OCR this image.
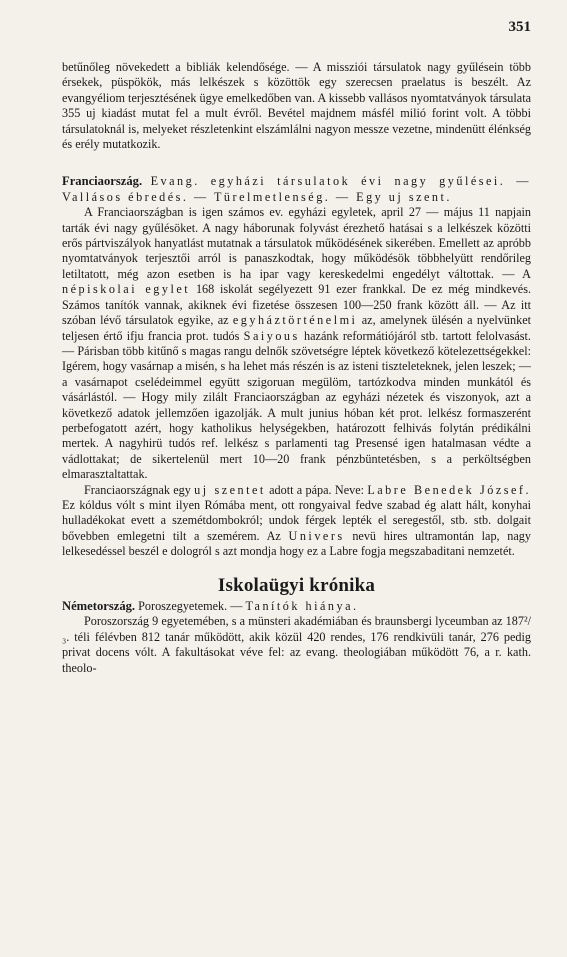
351

betűnőleg növekedett a bibliák kelendősége. — A missziói társulatok nagy gyűlésein több érsekek, püspökök, más lelkészek s közöttök egy szerecsen praelatus is beszélt. Az evangyéliom terjesztésének ügye emelkedőben van. A kissebb vallásos nyomtatványok társulata 355 uj kiadást mutat fel a mult évről. Bevétel majdnem másfél milió forint volt. A többi társulatoknál is, melyeket részletenkint elszámlálni nagyon messze vezetne, mindenütt élénkség és erély mutatkozik.

Franciaország. Evang. egyházi társulatok évi nagy gyűlései. — Vallásos ébredés. — Türelmetlenség. — Egy uj szent.

A Franciaországban is igen számos ev. egyházi egyletek, april 27 — május 11 napjain tarták évi nagy gyűlésöket. A nagy háborunak folyvást érezhető hatásai s a lelkészek közötti erős pártviszályok hanyatlást mutatnak a társulatok működésének sikerében. Emellett az apróbb nyomtatványok terjesztői arról is panaszkodtak, hogy működésök többhelyütt rendőrileg letiltatott, még azon esetben is ha ipar vagy kereskedelmi engedélyt váltottak. — A népiskolai egylet 168 iskolát segélyezett 91 ezer frankkal. De ez még mindkevés. Számos tanítók vannak, akiknek évi fizetése összesen 100—250 frank között áll. — Az itt szóban lévő társulatok egyike, az egyháztörténelmi az, amelynek ülésén a nyelvünket teljesen értő ifju francia prot. tudós Saiyous hazánk reformátiójáról stb. tartott felolvasást. — Párisban több kitűnő s magas rangu delnők szövetségre léptek következő kötelezettségekkel: Igérem, hogy vasárnap a misén, s ha lehet más részén is az isteni tiszteleteknek, jelen leszek; — a vasárnapot cselédeimmel együtt szigoruan megülöm, tartózkodva minden munkától és vásárlástól. — Hogy mily zilált Franciaországban az egyházi nézetek és viszonyok, azt a következő adatok jellemzően igazolják. A mult junius hóban két prot. lelkész formaszerént perbefogatott azért, hogy katholikus helységekben, határozott felhivás folytán prédikálni mertek. A nagyhirü tudós ref. lelkész s parlamenti tag Presensé igen hatalmasan védte a vádlottakat; de sikertelenül mert 10—20 frank pénzbüntetésben, s a perköltségben elmarasztaltattak.

Franciaországnak egy uj szentet adott a pápa. Neve: Labre Benedek József. Ez kóldus vólt s mint ilyen Rómába ment, ott rongyaival fedve szabad ég alatt hált, konyhai hulladékokat evett a szemétdombokról; undok férgek lepték el seregestől, stb. stb. dolgait bővebben emlegetni tilt a szemérem. Az Univers nevü hires ultramontán lap, nagy lelkesedéssel beszél e dologról s azt mondja hogy ez a Labre fogja megszabaditani nemzetét.

Iskolaügyi krónika

Németország. Poroszegyetemek. — Tanítók hiánya.

Poroszország 9 egyetemében, s a münsteri akadémiában és braunsbergi lyceumban az 187²/₃. téli félévben 812 tanár működött, akik közül 420 rendes, 176 rendkivüli tanár, 276 pedig privat docens vólt. A fakultásokat véve fel: az evang. theologiában működött 76, a r. kath. theolo-
